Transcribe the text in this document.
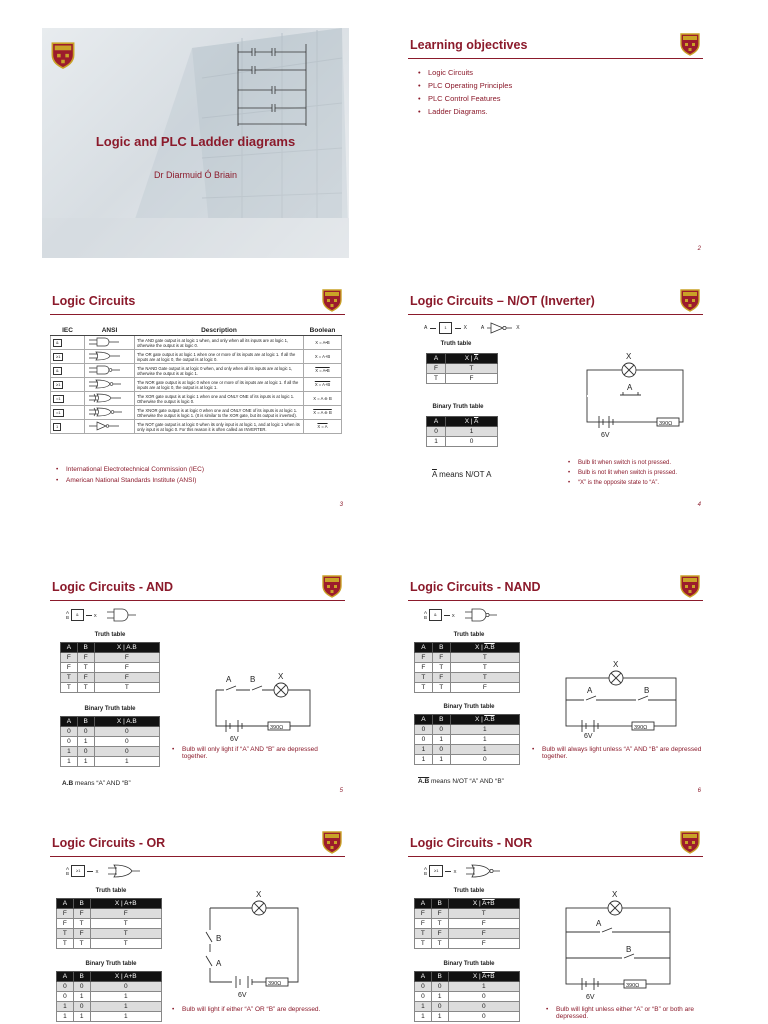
Logic and PLC Ladder diagrams
Dr Diarmuid Ó Briain
Learning objectives
• Logic Circuits
• PLC Operating Principles
• PLC Control Features
• Ladder Diagrams.
2
Logic Circuits
IEC	ANSI	Description	Boolean
&		The AND gate output is at logic 1 when, and only when all its inputs are at logic 1, otherwise the output is at logic 0.	X = A•B
≥1		The OR gate output is at logic 1 when one or more of its inputs are at logic 1. If all the inputs are at logic 0, the output is at logic 0.	X = A+B
&		The NAND Gate output is at logic 0 when, and only when all its inputs are at logic 1, otherwise the output is at logic 1.	X = A•B
≥1		The NOR gate output is at logic 0 when one or more of its inputs are at logic 1. If all the inputs are at logic 0, the output is at logic 1.	X = A+B
=1		The XOR gate output is at logic 1 when one and ONLY ONE of its inputs is at logic 1. Otherwise the output is logic 0.	X = A ⊕ B
=1		The XNOR gate output is at logic 0 when one and ONLY ONE of its inputs is at logic 1. Otherwise the output is logic 1. (It is similar to the XOR gate, but its output is inverted).	X = A ⊕ B
1		The NOT gate output is at logic 0 when its only input is at logic 1, and at logic 1 when its only input is at logic 0. For this reason it is often called an INVERTER.	X = A
• International Electrotechnical Commission (IEC)
• American National Standards Institute (ANSI)
3
Logic Circuits – N/OT (Inverter)
A	1	X	A	X
Truth table
A	X | $\overline{A}$
F	T
T	F
Binary Truth table
A	X | $\overline{A}$
0	1
1	0
$\overline{A}$ means N/OT A
X
A
390Ω
6V
• Bulb lit when switch is not pressed.
• Bulb is not lit when switch is pressed.
• “X” is the opposite state to “A”.
4
Logic Circuits - AND
A
B
&	X
Truth table
A	B	X | A.B
F	F	F
F	T	F
T	F	F
T	T	T
Binary Truth table
A	B	X | A.B
0	0	0
0	1	0
1	0	0
1	1	1
A.B means “A” AND “B”
A B	X
390Ω
6V
• Bulb will only light if “A” AND “B” are depressed together.
5
Logic Circuits - NAND
A
B
&	X
Truth table
A	B	X | A.B
F	F	T
F	T	T
T	F	T
T	T	F
Binary Truth table
A	B	X | A.B
0	0	1
0	1	1
1	0	1
1	1	0
A.B means N/OT “A” AND “B”
X
A	B
390Ω
6V
• Bulb will always light unless “A” AND “B” are depressed together.
6
Logic Circuits - OR
A
B
≥1	X
Truth table
A	B	X | A+B
F	F	F
F	T	T
T	F	T
T	T	T
Binary Truth table
A	B	X | A+B
0	0	0
0	1	1
1	0	1
1	1	1
X
B
A
390Ω
6V
• Bulb will light if either “A” OR “B” are depressed.
Logic Circuits - NOR
A
B
≥1	X
Truth table
A	B	X | A+B
F	F	T
F	T	F
T	F	F
T	T	F
Binary Truth table
A	B	X | A+B
0	0	1
0	1	0
1	0	0
1	1	0
X
A
B
390Ω
6V
• Bulb will light unless either “A” or “B” or both are depressed.
